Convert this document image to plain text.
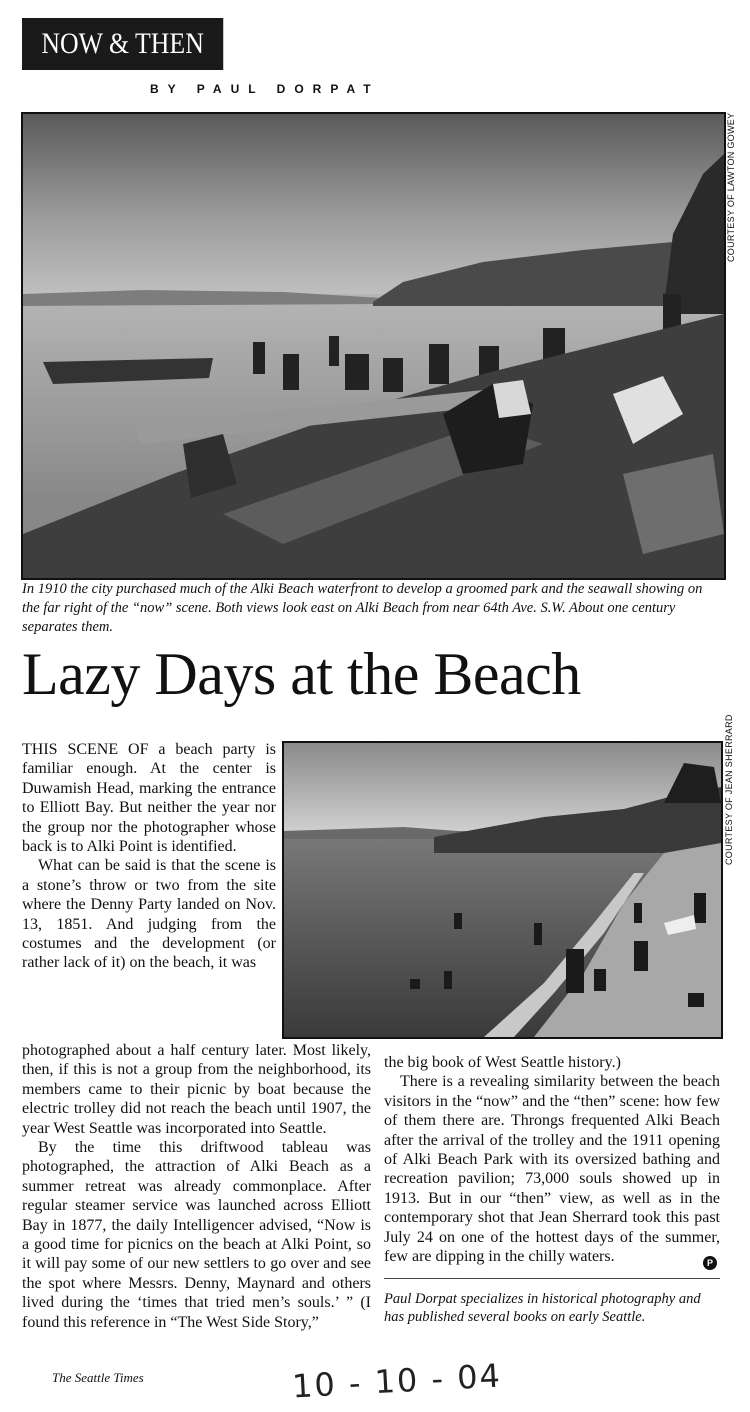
NOW & THEN
BY PAUL DORPAT
COURTESY OF LAWTON GOWEY
In 1910 the city purchased much of the Alki Beach waterfront to develop a groomed park and the seawall showing on the far right of the “now” scene. Both views look east on Alki Beach from near 64th Ave. S.W. About one century separates them.
Lazy Days at the Beach

THIS SCENE OF a beach party is familiar enough. At the center is Duwamish Head, marking the entrance to Elliott Bay. But neither the year nor the group nor the photographer whose back is to Alki Point is identified.

What can be said is that the scene is a stone’s throw or two from the site where the Denny Party landed on Nov. 13, 1851. And judging from the costumes and the development (or rather lack of it) on the beach, it was

COURTESY OF JEAN SHERRARD

photographed about a half century later. Most likely, then, if this is not a group from the neighborhood, its members came to their picnic by boat because the electric trolley did not reach the beach until 1907, the year West Seattle was incorporated into Seattle.

By the time this driftwood tableau was photographed, the attraction of Alki Beach as a summer retreat was already commonplace. After regular steamer service was launched across Elliott Bay in 1877, the daily Intelligencer advised, “Now is a good time for picnics on the beach at Alki Point, so it will pay some of our new settlers to go over and see the spot where Messrs. Denny, Maynard and others lived during the ‘times that tried men’s souls.’ ” (I found this reference in “The West Side Story,”

the big book of West Seattle history.)

There is a revealing similarity between the beach visitors in the “now” and the “then” scene: how few of them there are. Throngs frequented Alki Beach after the arrival of the trolley and the 1911 opening of Alki Beach Park with its oversized bathing and recreation pavilion; 73,000 souls showed up in 1913. But in our “then” view, as well as in the contemporary shot that Jean Sherrard took this past July 24 on one of the hottest days of the summer, few are dipping in the chilly waters.	P
Paul Dorpat specializes in historical photography and has published several books on early Seattle.
The Seattle Times	10 - 10 - 04
